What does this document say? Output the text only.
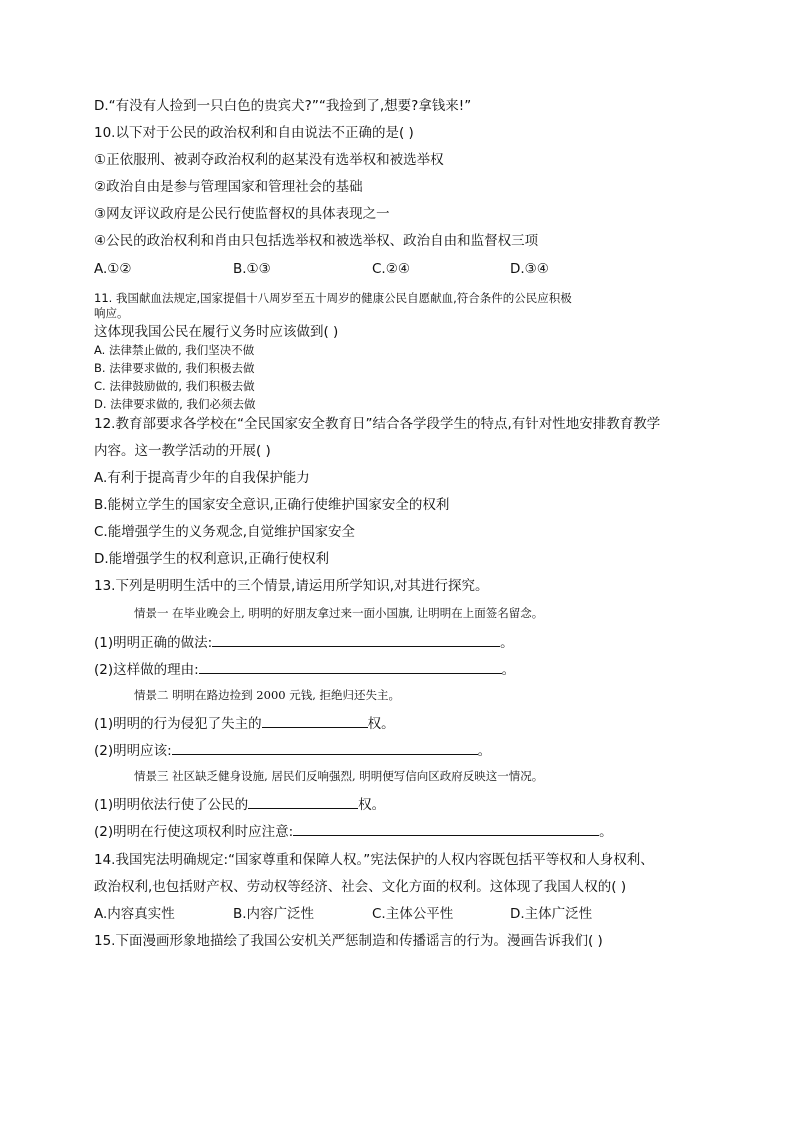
D.“有没有人捡到一只白色的贵宾犬?”“我捡到了,想要?拿钱来!”
10.以下对于公民的政治权利和自由说法不正确的是( )
①正依服刑、被剥夺政治权利的赵某没有选举权和被选举权
②政治自由是参与管理国家和管理社会的基础
③网友评议政府是公民行使监督权的具体表现之一
④公民的政治权利和肖由只包括选举权和被选举权、政治自由和监督权三项
A.①②	B.①③	C.②④	D.③④
11. 我国献血法规定,国家提倡十八周岁至五十周岁的健康公民自愿献血,符合条件的公民应积极
响应。
这体现我国公民在履行义务时应该做到( )
A. 法律禁止做的, 我们坚决不做
B. 法律要求做的, 我们积极去做
C. 法律鼓励做的, 我们积极去做
D. 法律要求做的, 我们必须去做
12.教育部要求各学校在“全民国家安全教育日”结合各学段学生的特点,有针对性地安排教育教学
内容。这一教学活动的开展( )
A.有利于提高青少年的自我保护能力
B.能树立学生的国家安全意识,正确行使维护国家安全的权利
C.能增强学生的义务观念,自觉维护国家安全
D.能增强学生的权利意识,正确行使权利
13.下列是明明生活中的三个情景,请运用所学知识,对其进行探究。
情景一 在毕业晚会上, 明明的好朋友拿过来一面小国旗, 让明明在上面签名留念。
(1)明明正确的做法:	。
(2)这样做的理由:	。
情景二 明明在路边捡到 2000 元钱, 拒绝归还失主。
(1)明明的行为侵犯了失主的	权。
(2)明明应该:	。
情景三 社区缺乏健身设施, 居民们反响强烈, 明明便写信向区政府反映这一情况。
(1)明明依法行使了公民的	权。
(2)明明在行使这项权利时应注意:	。
14.我国宪法明确规定:“国家尊重和保障人权。”宪法保护的人权内容既包括平等权和人身权利、
政治权利,也包括财产权、劳动权等经济、社会、文化方面的权利。这体现了我国人权的( )
A.内容真实性	B.内容广泛性	C.主体公平性	D.主体广泛性
15.下面漫画形象地描绘了我国公安机关严惩制造和传播谣言的行为。漫画告诉我们( )
